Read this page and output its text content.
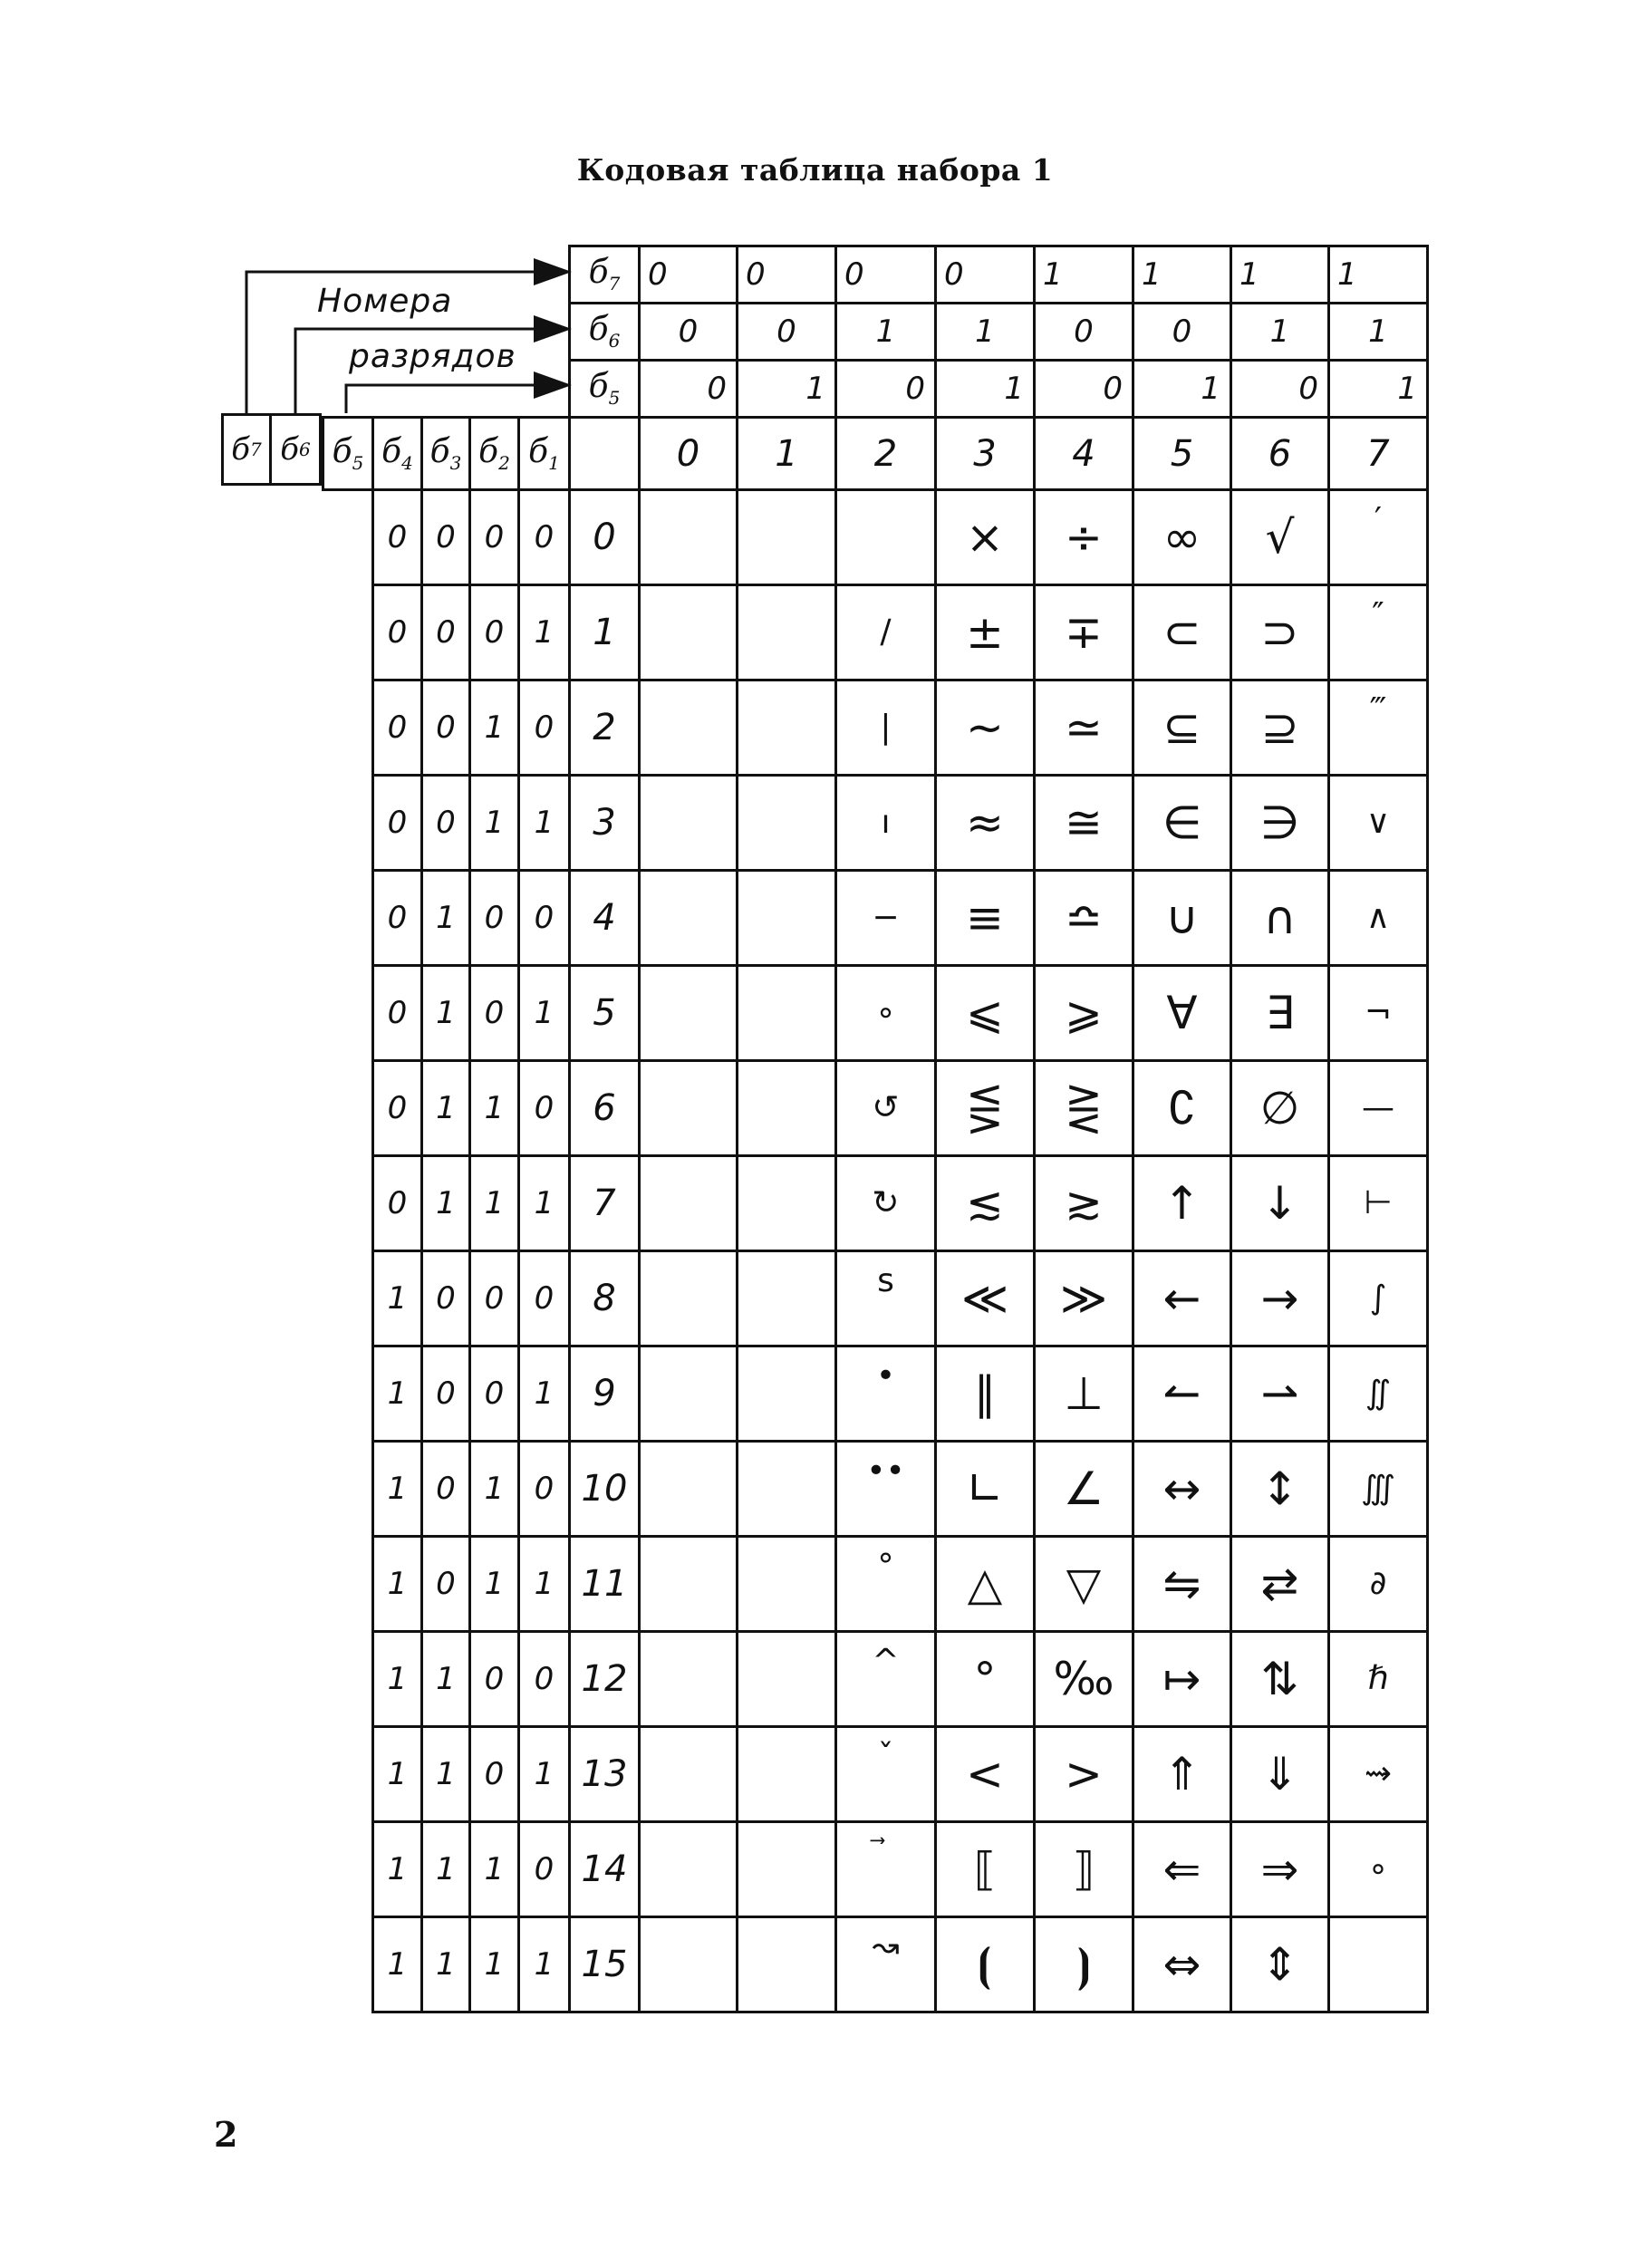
Кодовая таблица набора 1
Номера
разрядов
б 7 б 6
					$б_7$	0	0	0	0	1	1	1	1
					$б_6$	0	0	1	1	0	0	1	1
					$б_5$	0	1	0	1	0	1	0	1
$б_5$	$б_4$	$б_3$	$б_2$	$б_1$		0	1	2	3	4	5	6	7
	0	0	0	0	0				×	÷	∞	√	′
	0	0	0	1	1			∕	±	∓	⊂	⊃	″
	0	0	1	0	2			|	∼	≃	⊆	⊇	‴
	0	0	1	1	3			ı	≈	≅	∈	∋	∨
	0	1	0	0	4			−	≡	≏	∪	∩	∧
	0	1	0	1	5			∘	⩽	⩾	∀	∃	¬
	0	1	1	0	6			↺	⋚	⋛	∁	∅	—
	0	1	1	1	7			↻	≲	≳	↑	↓	⊢
	1	0	0	0	8			s	≪	≫	←	→	∫
	1	0	0	1	9			•	∥	⊥	↼	⇀	∬
	1	0	1	0	10			••	∟	∠	↔	↕	∭
	1	0	1	1	11			°	△	▽	⇋	⇄	∂
	1	1	0	0	12			^	°	‰	↦	⇅	ℏ
	1	1	0	1	13			ˇ	<	>	⇑	⇓	⇝
	1	1	1	0	14				⟦	⟧	⇐	⇒	∘
	1	1	1	1	15			↝	⦗	⦘	⇔	⇕	
2
